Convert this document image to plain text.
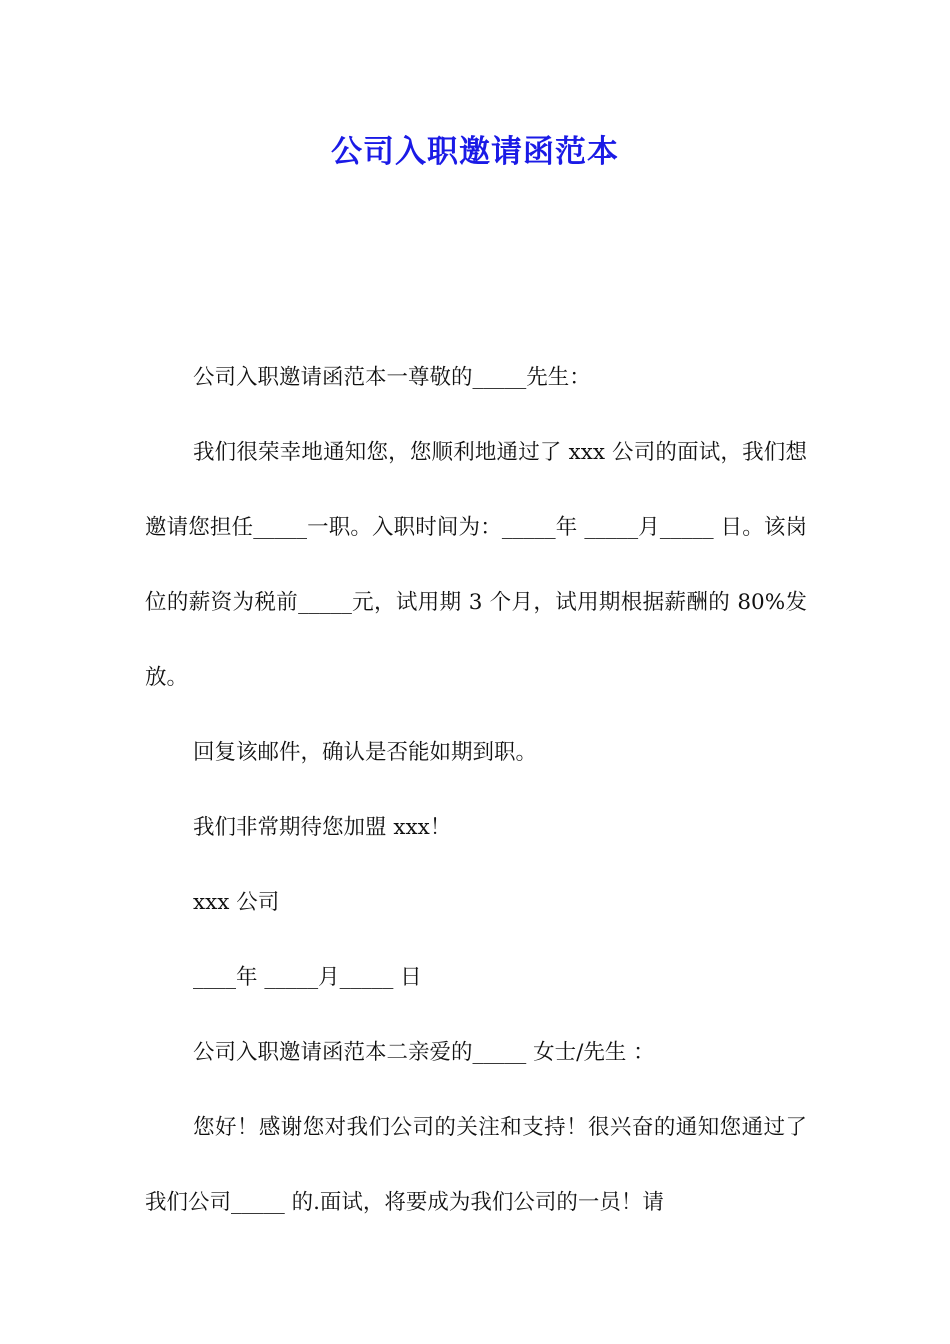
公司入职邀请函范本

公司入职邀请函范本一尊敬的_____先生：

我们很荣幸地通知您，您顺利地通过了 xxx 公司的面试，我们想邀请您担任_____一职。入职时间为：_____年 _____月_____ 日。该岗位的薪资为税前_____元，试用期 3 个月，试用期根据薪酬的 80%发放。

回复该邮件，确认是否能如期到职。

我们非常期待您加盟 xxx！

xxx 公司

____年 _____月_____ 日

公司入职邀请函范本二亲爱的_____ 女士/先生 ：

您好！感谢您对我们公司的关注和支持！很兴奋的通知您通过了我们公司_____ 的.面试，将要成为我们公司的一员！请
